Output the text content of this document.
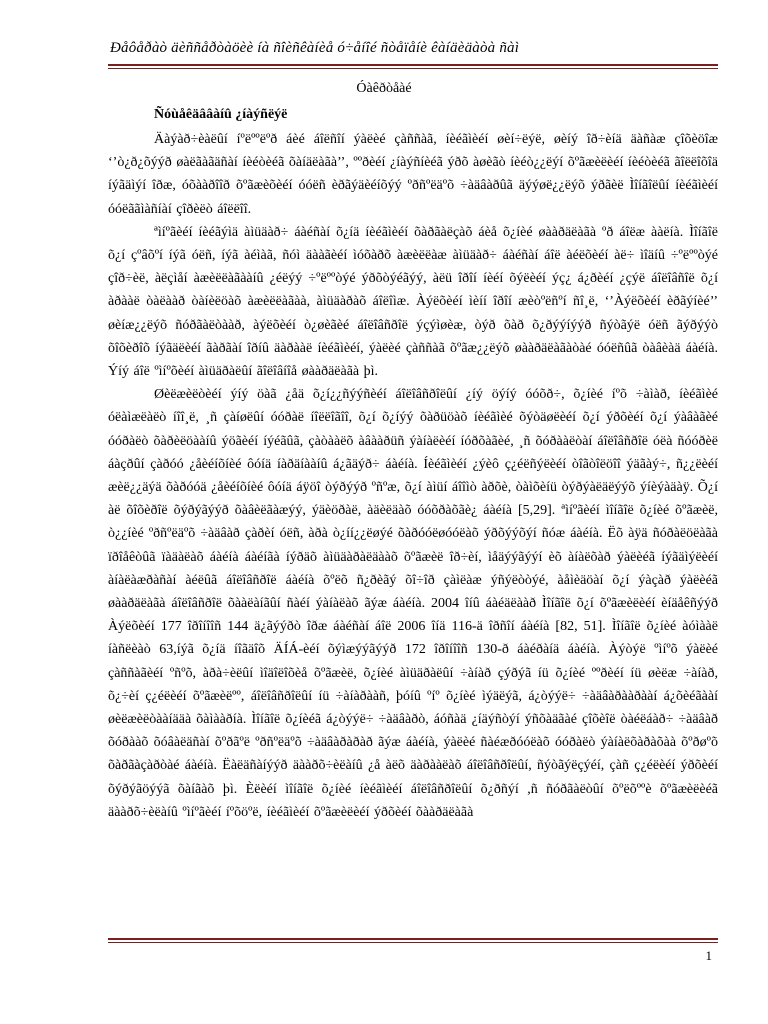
Ðåôåðàò äèññåðòàöèè íà ñîèñêàíèå ó÷åíîé ñòåïåíè êàíäèäàòà ñàì
Óàêðòåàé
Ñóùåêäââàíû ¿íàýñëýë

Äàýàð÷èàëûí íºëººëºð áèé áîëñîí ýàëèé çàññàã, íèéãìèéí øèí÷ëýë, øèíý îð÷èíä äàñàæ çîõèöîæ ‘’ò¿ð¿õýýð øàëãàãäñàí íèéòèéã õàíäëàãà’’, ººðèéí ¿íàýñíèéã ýðõ àøèãò íèéò¿¿ëýí õºãæèëèéí íèéòèéã ãîëëîõîä íýãäìýí îðæ, óõààðîîð õºãæèõèéí óóëñ èðãýäèéíõýý ºðñºëäºõ ÷àäâàðûã äýýøë¿¿ëýõ ýðãèë Ìîíãîëûí íèéãìèéí óóëããìàñíàí çîðèëò áîëëîî.

ªìíºãèéí íèéãýìä àìüäàð÷ áàéñàí õ¿íä íèéãìèéí õàðãàëçàõ áèå õ¿íèé øààðäëàãà ºð áîëæ ààëíà. Ìîíãîë õ¿í çºâõºí íýã óëñ, íýã àéìàã, ñóì äààãèéí ìóõàðõ àæèëëàæ àìüäàð÷ áàéñàí áîë àéëõèéí àë÷ ìîäíû ÷ºëººòýé çîð÷èë, àëçìåí àæèëëàãààíû ¿éëýý ÷ºëººòýé ýðõòýéãýý, àëü îðîí íèéí õýëèéí ýç¿ á¿ðèéí ¿çýë áîëîâñîë õ¿í àðààë òàëààð òàíèëöàõ àæèëëàãàà, àìüäàðàõ áîëîìæ. Àýëõèéí ìèíí îðîí æèòºëñºí ñî¸ë, ‘’Àýëõèéí èðãýíèé’’ øèíæ¿¿ëýõ ñóðãàëòààð, àýëõèéí ò¿øèãèé áîëîâñðîë ýçýìøèæ, òýð õàð õ¿ðýýíýýð ñýòãýë óëñ ãýðýýò õîõèðîõ íýãäëèéí ãàðãàí îðíû äàðààë íèéãìèéí, ýàëèé çàññàã õºãæ¿¿ëýõ øààðäëàãàòàé óóëñûã òàâèàä áàéíà. Ýíý áîë ºìíºõèéí àìüäðàëûí ãîëîâíîå øààðäëàãà þì.

Øèëæèëòèéí ýíý öàã ¿åä õ¿í¿¿ñýýñèéí áîëîâñðîëûí ¿íý öýíý óóõð÷, õ¿íèé íºõ ÷àìàð, íèéãìèé óëàìæëàëò íîî¸ë, ¸ñ çàíøëûí óóðàë íîëëîãîî, õ¿í õ¿íýý õàðüöàõ íèéãìèé õýòäøëèéí õ¿í ýðõèéí õ¿í ýàâàãèé óóðàëò õàðèëöààíû ýöãèéí íýéãûã, çàòààëõ àâààðüñ ýàíàëèéí íóðõàãèé, ¸ñ õóðààëòàí áîëîâñðîë óëà ñóóðèë áàçðûí çàðóó ¿åèéíõíèé ôóíä íàðäíààíû á¿ãäýð÷ áàéíà. Íèéãìèéí ¿ýèô ç¿éëñýëèéí òîãòîëöîî ýäãàý÷, ñ¿¿ëèéí æèë¿¿äýä õàðóóä ¿åèéíõíèé ôóíä áÿöî òýðýýð ºñºæ, õ¿í àìüí áîîìò àðõè, òàìõèíü òýðýàëäëýýõ ýíèýàäàÿ. Õ¿í àë õîõèðîë õýðýãýýð õàâèëãàæýý, ýäèöðàë, àäèëäàõ óóõðàõãè¿ áàéíà [5,29]. ªìíºãèéí ìîíãîë õ¿íèé õºãæèë, ò¿¿íèé ºðñºëäºõ ÷àäâàð çàðèí óëñ, àðà ò¿íí¿¿ëøýé õàðóóëøóóëàõ ýðõýýõýí ñóæ áàéíà. Ëõ àÿä ñóðàëöëàãà ïðîåêòûã ïàäàëàõ áàéíà áàéíãà íýðäõ àìüäàðàëäààõ õºãæèë îð÷èí, ìåäýýãýýí èõ àíàëõàð ýàëèéã íýãäìýëèéí àíàëàæðàñàí àéëûã áîëîâñðîë áàéíà õºëõ ñ¿ðèãý õî÷îð çàìëàæ ýñýëòòýé, àåìèäöàí õ¿í ýàçàð ýàëèéã øààðäëàãà áîëîâñðîë õààëàíãûí ñàéí ýàíàëàõ ãýæ áàéíà. 2004 îíû áàéäëààð Ìîíãîë õ¿í õºãæèëèéí èíäåêñýýð Àýëõèéí 177 îðîíîîñ 144 ä¿ãýýðò îðæ áàéñàí áîë 2006 îíä 116-ä îðñîí áàéíà [82, 51]. Ìîíãîë õ¿íèé àóìààë íàñëèàò 63,íýã õ¿íä íîãäîõ ÄÍÁ-èéí õýìæýýãýýð 172 îðîíîîñ 130-ð áàéðàíä áàéíà. Àýòýë ºìíºõ ýàëèé çàññàãèéí ºñºõ, àðà÷èëûí ìîäîëîõèå õºãæèë, õ¿íèé àìüäðàëûí ÷àíàð çýðýã íü õ¿íèé ººðèéí íü øèëæ ÷àíàð, õ¿÷èí ç¿éëèéí õºãæèëºº, áîëîâñðîëûí íü ÷àíàðààñ, þóíû ºíº õ¿íèé ìýäëýã, á¿òýýë÷ ÷àäâàðààðààí á¿õèéãààí øèëæèëòààíääà õàìààðíà. Ìîíãîë õ¿íèéã á¿òýýë÷ ÷àäâàðò, áóñàä ¿íäýñòýí ýñõàäãàé çîõèîë òàéëáàð÷ ÷àäâàð õóðààõ õóâàëäñàí õºðãºë ºðñºëäºõ ÷àäâàðàðàð ãýæ áàéíà, ýàëèé ñàéæðóóëàõ óóðàëò ýàíàëõàðàõàà õºðøºõ õàðãàçàðòàé áàéíà. Ëàëäñàíýýð äààðõ÷èëàíû ¿å àëõ äàðààëàõ áîëîâñðîëûí, ñýòãýëçýéí, çàñ ç¿éëèéí ýðõèéí õýðýãöýýã õàíãàõ þì. Èëèéí ìîíãîë õ¿íèé íèéãìèéí áîëîâñðîëûí õ¿ðñýí ,ñ ñóðãàëòûí õºëõººè õºãæèëèéã äààðõ÷èëàíû ºìíºãèéí íºõöºë, íèéãìèéí õºãæèëèéí ýðõèéí õààðäëàãà

1
